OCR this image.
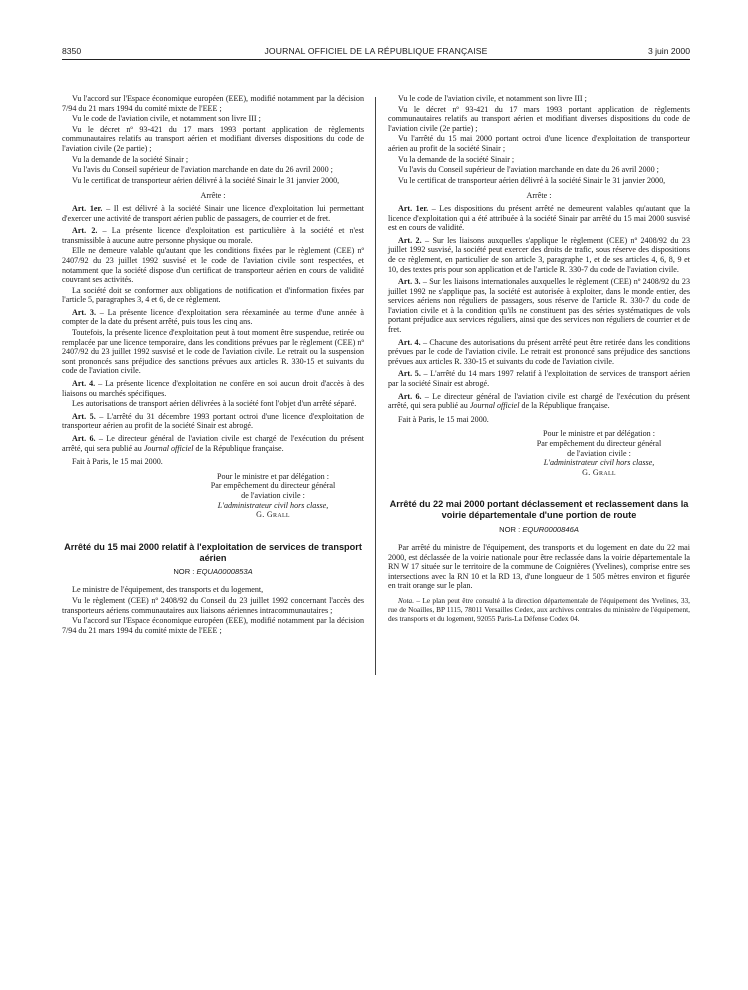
8350	JOURNAL OFFICIEL DE LA RÉPUBLIQUE FRANÇAISE	3 juin 2000

Vu l'accord sur l'Espace économique européen (EEE), modifié notamment par la décision 7/94 du 21 mars 1994 du comité mixte de l'EEE ;

Vu le code de l'aviation civile, et notamment son livre III ;

Vu le décret nº 93-421 du 17 mars 1993 portant application de règlements communautaires relatifs au transport aérien et modifiant diverses dispositions du code de l'aviation civile (2e partie) ;

Vu la demande de la société Sinair ;

Vu l'avis du Conseil supérieur de l'aviation marchande en date du 26 avril 2000 ;

Vu le certificat de transporteur aérien délivré à la société Sinair le 31 janvier 2000,

Arrête :

Art. 1er. – Il est délivré à la société Sinair une licence d'exploitation lui permettant d'exercer une activité de transport aérien public de passagers, de courrier et de fret.

Art. 2. – La présente licence d'exploitation est particulière à la société et n'est transmissible à aucune autre personne physique ou morale.

Elle ne demeure valable qu'autant que les conditions fixées par le règlement (CEE) nº 2407/92 du 23 juillet 1992 susvisé et le code de l'aviation civile sont respectées, et notamment que la société dispose d'un certificat de transporteur aérien en cours de validité couvrant ses activités.

La société doit se conformer aux obligations de notification et d'information fixées par l'article 5, paragraphes 3, 4 et 6, de ce règlement.

Art. 3. – La présente licence d'exploitation sera réexaminée au terme d'une année à compter de la date du présent arrêté, puis tous les cinq ans.

Toutefois, la présente licence d'exploitation peut à tout moment être suspendue, retirée ou remplacée par une licence temporaire, dans les conditions prévues par le règlement (CEE) nº 2407/92 du 23 juillet 1992 susvisé et le code de l'aviation civile. Le retrait ou la suspension sont prononcés sans préjudice des sanctions prévues aux articles R. 330-15 et suivants du code de l'aviation civile.

Art. 4. – La présente licence d'exploitation ne confère en soi aucun droit d'accès à des liaisons ou marchés spécifiques.

Les autorisations de transport aérien délivrées à la société font l'objet d'un arrêté séparé.

Art. 5. – L'arrêté du 31 décembre 1993 portant octroi d'une licence d'exploitation de transporteur aérien au profit de la société Sinair est abrogé.

Art. 6. – Le directeur général de l'aviation civile est chargé de l'exécution du présent arrêté, qui sera publié au Journal officiel de la République française.

Fait à Paris, le 15 mai 2000.

Pour le ministre et par délégation :
Par empêchement du directeur général
de l'aviation civile :
L'administrateur civil hors classe,
G. Grall
Arrêté du 15 mai 2000 relatif à l'exploitation de services de transport aérien
NOR : EQUA0000853A

Le ministre de l'équipement, des transports et du logement,

Vu le règlement (CEE) nº 2408/92 du Conseil du 23 juillet 1992 concernant l'accès des transporteurs aériens communautaires aux liaisons aériennes intracommunautaires ;

Vu l'accord sur l'Espace économique européen (EEE), modifié notamment par la décision 7/94 du 21 mars 1994 du comité mixte de l'EEE ;

Vu le code de l'aviation civile, et notamment son livre III ;

Vu le décret nº 93-421 du 17 mars 1993 portant application de règlements communautaires relatifs au transport aérien et modifiant diverses dispositions du code de l'aviation civile (2e partie) ;

Vu l'arrêté du 15 mai 2000 portant octroi d'une licence d'exploitation de transporteur aérien au profit de la société Sinair ;

Vu la demande de la société Sinair ;

Vu l'avis du Conseil supérieur de l'aviation marchande en date du 26 avril 2000 ;

Vu le certificat de transporteur aérien délivré à la société Sinair le 31 janvier 2000,

Arrête :

Art. 1er. – Les dispositions du présent arrêté ne demeurent valables qu'autant que la licence d'exploitation qui a été attribuée à la société Sinair par arrêté du 15 mai 2000 susvisé est en cours de validité.

Art. 2. – Sur les liaisons auxquelles s'applique le règlement (CEE) nº 2408/92 du 23 juillet 1992 susvisé, la société peut exercer des droits de trafic, sous réserve des dispositions de ce règlement, en particulier de son article 3, paragraphe 1, et de ses articles 4, 6, 8, 9 et 10, des textes pris pour son application et de l'article R. 330-7 du code de l'aviation civile.

Art. 3. – Sur les liaisons internationales auxquelles le règlement (CEE) nº 2408/92 du 23 juillet 1992 ne s'applique pas, la société est autorisée à exploiter, dans le monde entier, des services aériens non réguliers de passagers, sous réserve de l'article R. 330-7 du code de l'aviation civile et à la condition qu'ils ne constituent pas des séries systématiques de vols portant préjudice aux services réguliers, ainsi que des services non réguliers de courrier et de fret.

Art. 4. – Chacune des autorisations du présent arrêté peut être retirée dans les conditions prévues par le code de l'aviation civile. Le retrait est prononcé sans préjudice des sanctions prévues aux articles R. 330-15 et suivants du code de l'aviation civile.

Art. 5. – L'arrêté du 14 mars 1997 relatif à l'exploitation de services de transport aérien par la société Sinair est abrogé.

Art. 6. – Le directeur général de l'aviation civile est chargé de l'exécution du présent arrêté, qui sera publié au Journal officiel de la République française.

Fait à Paris, le 15 mai 2000.

Pour le ministre et par délégation :
Par empêchement du directeur général
de l'aviation civile :
L'administrateur civil hors classe,
G. Grall
Arrêté du 22 mai 2000 portant déclassement et reclassement dans la voirie départementale d'une portion de route
NOR : EQUR0000846A

Par arrêté du ministre de l'équipement, des transports et du logement en date du 22 mai 2000, est déclassée de la voirie nationale pour être reclassée dans la voirie départementale la RN W 17 située sur le territoire de la commune de Coignières (Yvelines), comprise entre ses intersections avec la RN 10 et la RD 13, d'une longueur de 1 505 mètres environ et figurée en trait orange sur le plan.

Nota. – Le plan peut être consulté à la direction départementale de l'équipement des Yvelines, 33, rue de Noailles, BP 1115, 78011 Versailles Cedex, aux archives centrales du ministère de l'équipement, des transports et du logement, 92055 Paris-La Défense Codex 04.
